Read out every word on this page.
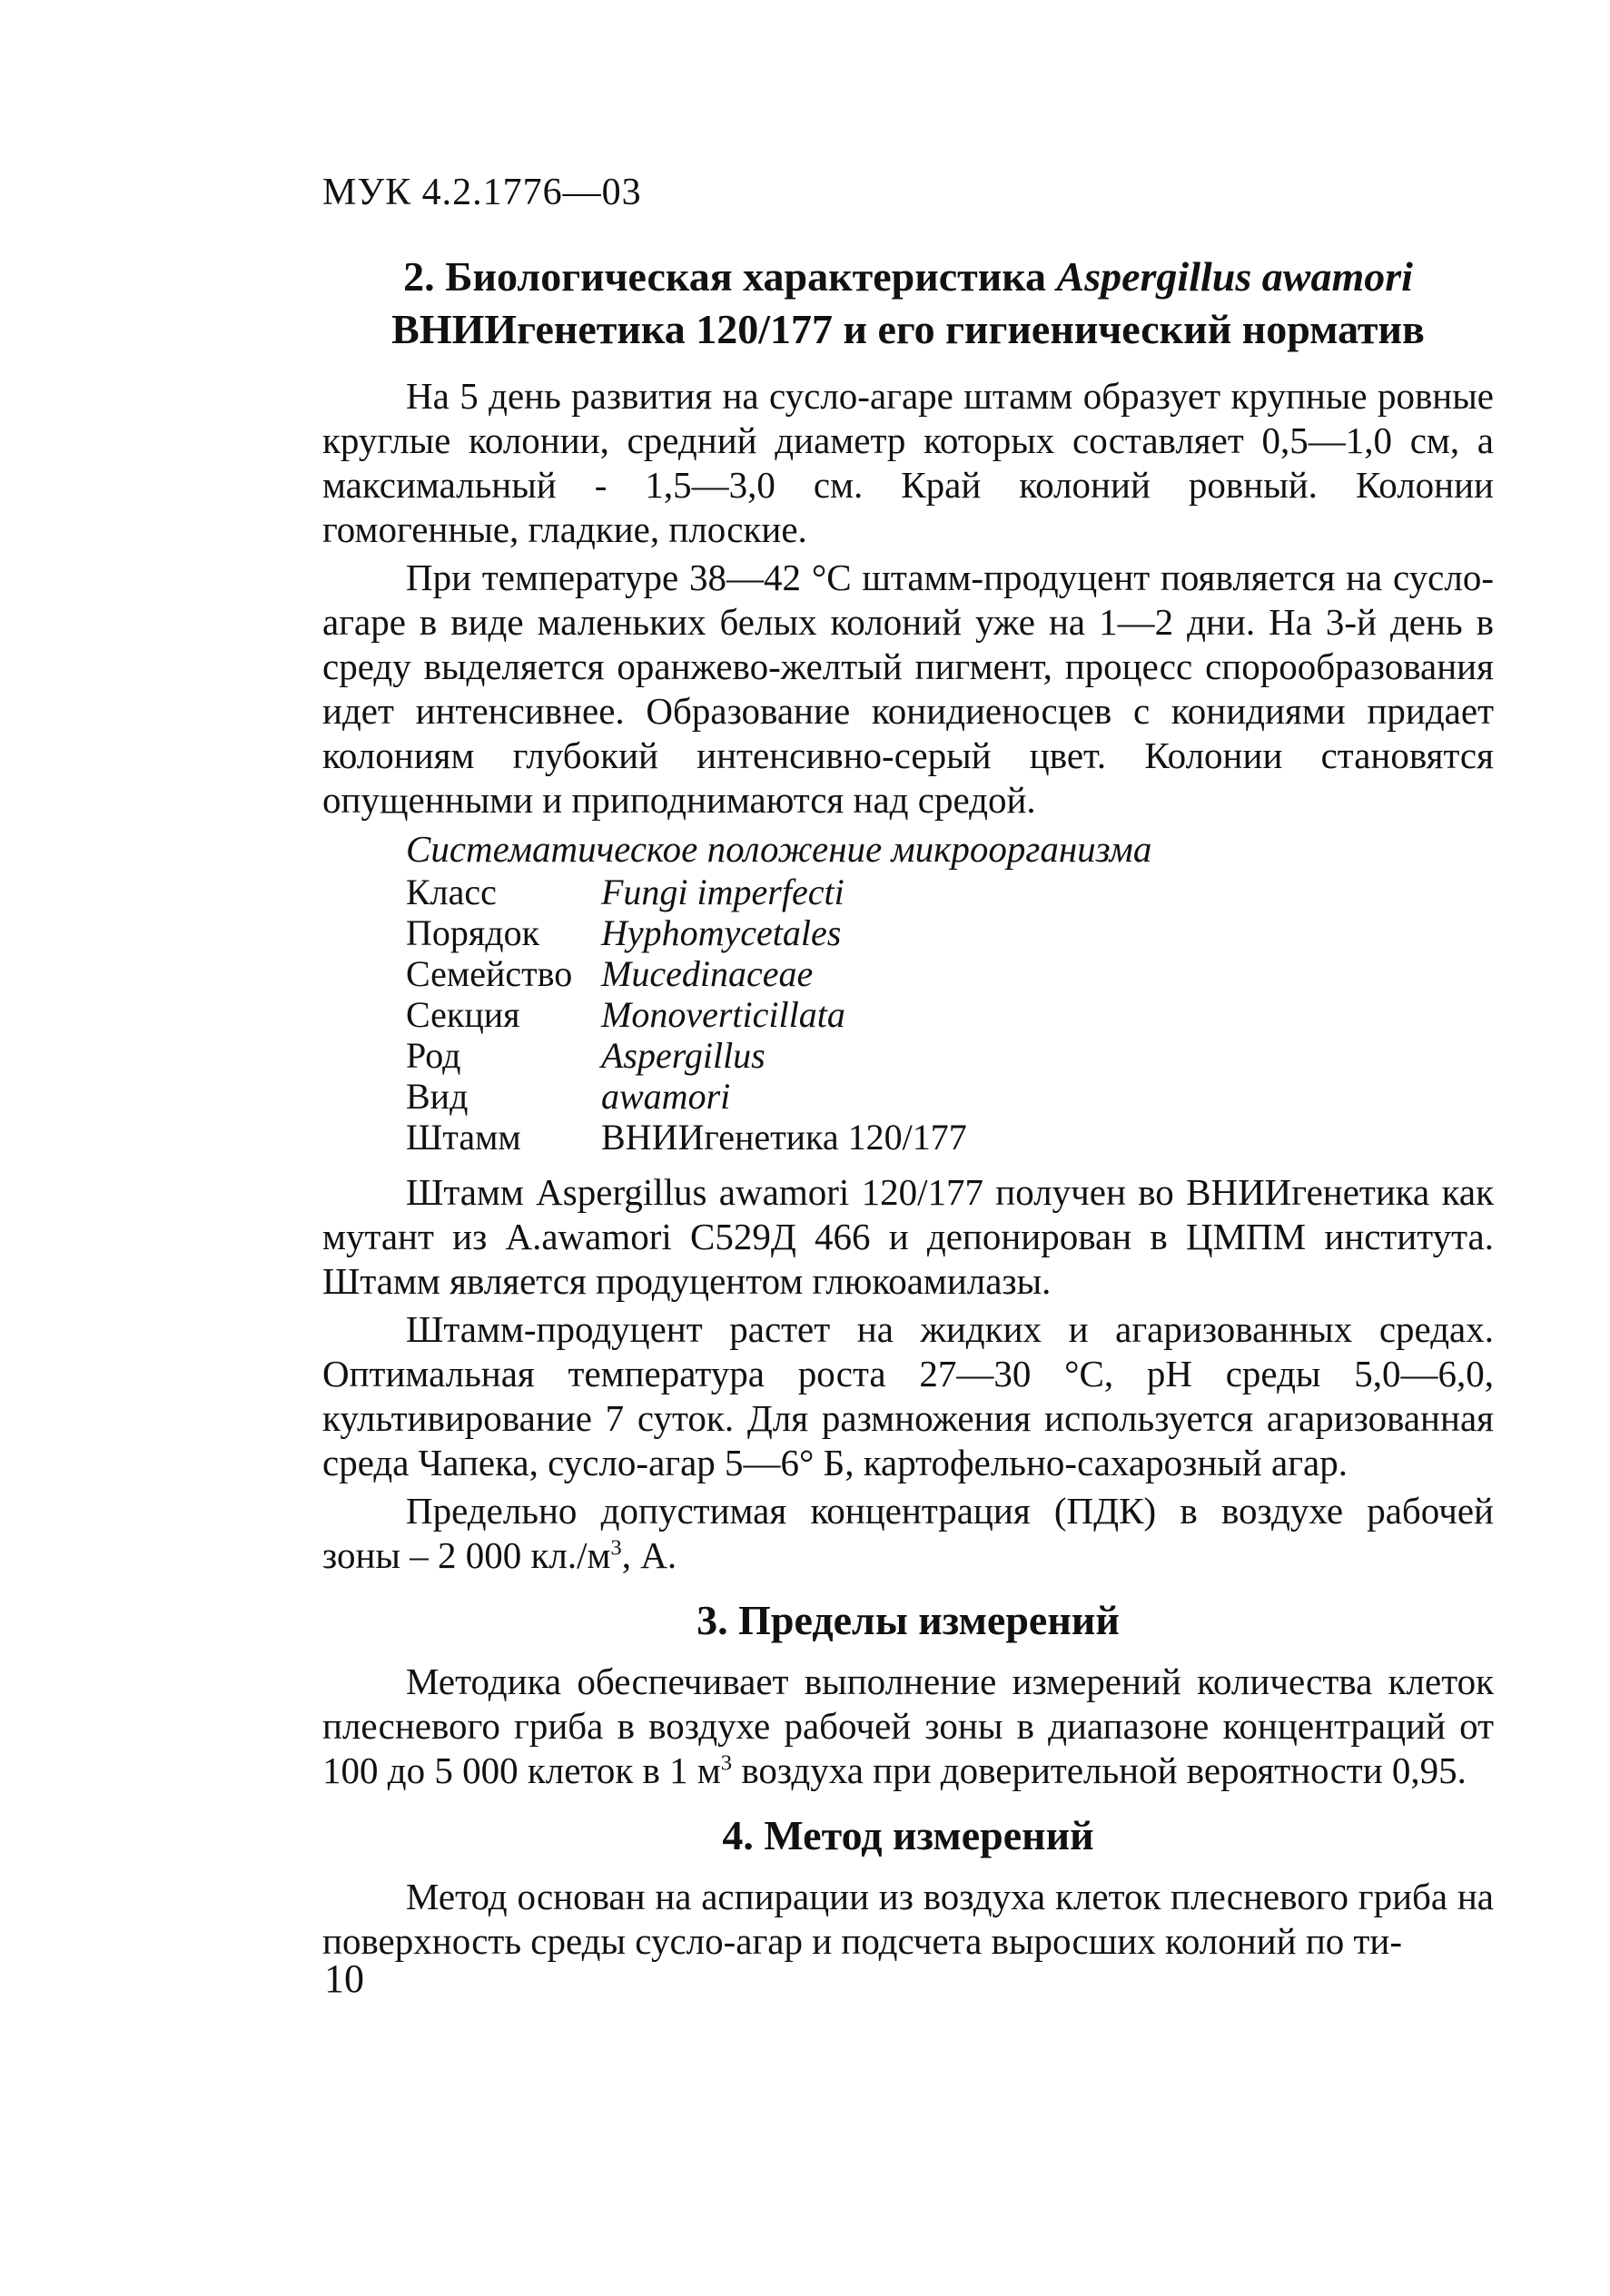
МУК 4.2.1776—03
2. Биологическая характеристика Aspergillus awamori
ВНИИгенетика 120/177 и его гигиенический норматив

На 5 день развития на сусло-агаре штамм образует крупные ровные круглые колонии, средний диаметр которых составляет 0,5—1,0 см, а максимальный - 1,5—3,0 см. Край колоний ровный. Колонии гомогенные, гладкие, плоские.

При температуре 38—42 °С штамм-продуцент появляется на сусло-агаре в виде маленьких белых колоний уже на 1—2 дни. На 3-й день в среду выделяется оранжево-желтый пигмент, процесс спорообразования идет интенсивнее. Образование конидиеносцев с конидиями придает колониям глубокий интенсивно-серый цвет. Колонии становятся опущенными и приподнимаются над средой.

Систематическое положение микроорганизма
Класс	Fungi imperfecti
Порядок	Hyphomycetales
Семейство	Mucedinaceae
Секция	Monoverticillata
Род	Aspergillus
Вид	awamori
Штамм	ВНИИгенетика 120/177

Штамм Aspergillus awamori 120/177 получен во ВНИИгенетика как мутант из A.awamori C529Д 466 и депонирован в ЦМПМ института. Штамм является продуцентом глюкоамилазы.

Штамм-продуцент растет на жидких и агаризованных средах. Оптимальная температура роста 27—30 °С, pH среды 5,0—6,0, культивирование 7 суток. Для размножения используется агаризованная среда Чапека, сусло-агар 5—6° Б, картофельно-сахарозный агар.

Предельно допустимая концентрация (ПДК) в воздухе рабочей зоны – 2 000 $кл./м^3$, А.

3. Пределы измерений

Методика обеспечивает выполнение измерений количества клеток плесневого гриба в воздухе рабочей зоны в диапазоне концентраций от 100 до 5 000 клеток в 1 $м^3$ воздуха при доверительной вероятности 0,95.

4. Метод измерений

Метод основан на аспирации из воздуха клеток плесневого гриба на поверхность среды сусло-агар и подсчета выросших колоний по ти-

10
